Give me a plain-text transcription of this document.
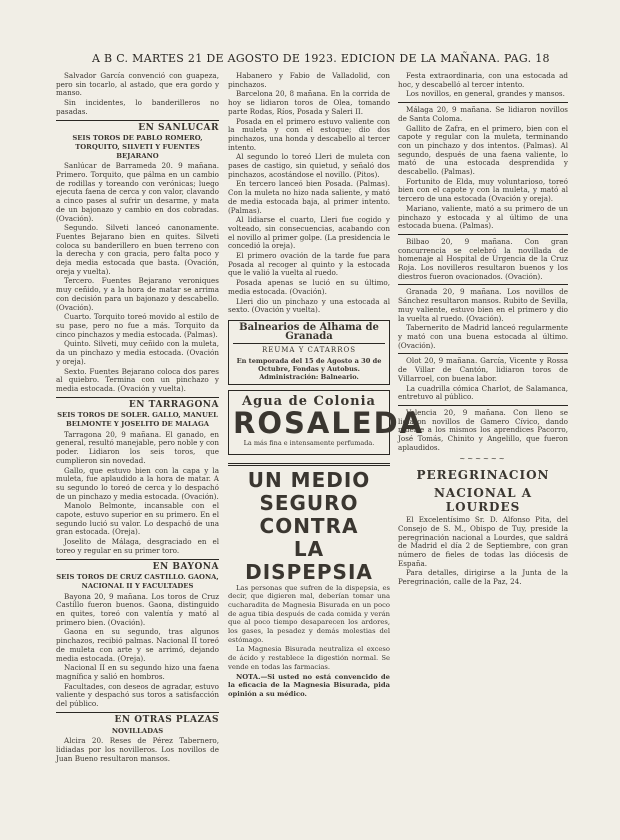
A B C. MARTES 21 DE AGOSTO DE 1923. EDICION DE LA MAÑANA. PAG. 18

Salvador García convenció con guapeza, pero sin tocarlo, al astado, que era gordo y manso.

Sin incidentes, lo banderilleros no pasadas.

EN SANLUCAR
SEIS TOROS DE PABLO ROMERO, TORQUITO, SILVETI Y FUENTES BEJARANO

Sanlúcar de Barrameda 20. 9 mañana. Primero. Torquito, que pálma en un cambio de rodillas y toreando con verónicas; luego ejecuta faena de cerca y con valor, clavando a cinco pases al sufrir un desarme, y mata de un bajonazo y cambio en dos cobradas. (Ovación).

Segundo. Silveti lanceó canonamente. Fuentes Bejarano bien en quites. Silveti coloca su banderillero en buen terreno con la derecha y con gracia, pero falta poco y deja media estocada que basta. (Ovación, oreja y vuelta).

Tercero. Fuentes Bejarano veroniques muy ceñido, y a la hora de matar se arrima con decisión para un bajonazo y descabello. (Ovación).

Cuarto. Torquito toreó movido al estilo de su pase, pero no fue a más. Torquito da cinco pinchazos y media estocada. (Palmas).

Quinto. Silveti, muy ceñido con la muleta, da un pinchazo y media estocada. (Ovación y oreja).

Sexto. Fuentes Bejarano coloca dos pares al quiebro. Termina con un pinchazo y media estocada. (Ovación y vuelta).

EN TARRAGONA
SEIS TOROS DE SOLER. GALLO, MANUEL BELMONTE Y JOSELITO DE MALAGA

Tarragona 20, 9 mañana. El ganado, en general, resultó manejable, pero noble y con poder. Lidiaron los seis toros, que cumplieron sin novedad.

Gallo, que estuvo bien con la capa y la muleta, fue aplaudido a la hora de matar. A su segundo lo toreó de cerca y lo despachó de un pinchazo y media estocada. (Ovación).

Manolo Belmonte, incansable con el capote, estuvo superior en su primero. En el segundo lució su valor. Lo despachó de una gran estocada. (Oreja).

Joselito de Málaga, desgraciado en el toreo y regular en su primer toro.

EN BAYONA
SEIS TOROS DE CRUZ CASTILLO. GAONA, NACIONAL II Y FACULTADES

Bayona 20, 9 mañana. Los toros de Cruz Castillo fueron buenos. Gaona, distinguido en quites, toreó con valentía y mató al primero bien. (Ovación).

Gaona en su segundo, tras algunos pinchazos, recibió palmas. Nacional II toreó de muleta con arte y se arrimó, dejando media estocada. (Oreja).

Nacional II en su segundo hizo una faena magnífica y salió en hombros.

Facultades, con deseos de agradar, estuvo valiente y despachó sus toros a satisfacción del público.

EN OTRAS PLAZAS
NOVILLADAS

Alcira 20. Reses de Pérez Tabernero, lidiadas por los novilleros. Los novillos de Juan Bueno resultaron mansos.

Habanero y Fabio de Valladolid, con pinchazos.

Barcelona 20, 8 mañana. En la corrida de hoy se lidiaron toros de Olea, tomando parte Rodas, Ríos, Posada y Saleri II.

Posada en el primero estuvo valiente con la muleta y con el estoque; dio dos pinchazos, una honda y descabello al tercer intento.

Al segundo lo toreó Lleri de muleta con pases de castigo, sin quietud, y señaló dos pinchazos, acostándose el novillo. (Pitos).

En tercero lanceó bien Posada. (Palmas). Con la muleta no hizo nada saliente, y mató de media estocada baja, al primer intento. (Palmas).

Al lidiarse el cuarto, Lleri fue cogido y volteado, sin consecuencias, acabando con el novillo al primer golpe. (La presidencia le concedió la oreja).

El primero ovación de la tarde fue para Posada al recoger al quinto y la estocada que le valió la vuelta al ruedo.

Posada apenas se lució en su último, media estocada. (Ovación).

Lleri dio un pinchazo y una estocada al sexto. (Ovación y vuelta).

Balnearios de Alhama de Granada
REUMA Y CATARROS
En temporada del 15 de Agosto a 30 de Octubre, Fondas y Autobus. Administración: Balneario.
Agua de Colonia
ROSALEDA
La más fina e intensamente perfumada.
UN MEDIO SEGURO
CONTRA
LA DISPEPSIA

Las personas que sufren de la dispepsia, es decir, que digieren mal, deberían tomar una cucharadita de Magnesia Bisurada en un poco de agua tibia después de cada comida y verán que al poco tiempo desaparecen los ardores, los gases, la pesadez y demás molestias del estómago.

La Magnesia Bisurada neutraliza el exceso de ácido y restablece la digestión normal. Se vende en todas las farmacias.

NOTA.—Si usted no está convencido de la eficacia de la Magnesia Bisurada, pida opinión a su médico.

Festa extraordinaria, con una estocada ad hoc, y descabelló al tercer intento.

Los novillos, en general, grandes y mansos.

Málaga 20, 9 mañana. Se lidiaron novillos de Santa Coloma.

Gallito de Zafra, en el primero, bien con el capote y regular con la muleta, terminando con un pinchazo y dos intentos. (Palmas). Al segundo, después de una faena valiente, lo mató de una estocada desprendida y descabello. (Palmas).

Fortunito de Elda, muy voluntarioso, toreó bien con el capote y con la muleta, y mató al tercero de una estocada (Ovación y oreja).

Mariano, valiente, mató a su primero de un pinchazo y estocada y al último de una estocada buena. (Palmas).

Bilbao 20, 9 mañana. Con gran concurrencia se celebró la novillada de homenaje al Hospital de Urgencia de la Cruz Roja. Los novilleros resultaron buenos y los diestros fueron ovacionados. (Ovación).

Granada 20, 9 mañana. Los novillos de Sánchez resultaron mansos. Rubito de Sevilla, muy valiente, estuvo bien en el primero y dio la vuelta al ruedo. (Ovación).

Tabernerito de Madrid lanceó regularmente y mató con una buena estocada al último. (Ovación).

Olot 20, 9 mañana. García, Vicente y Rossa de Villar de Cantón, lidiaron toros de Villarroel, con buena labor.

La cuadrilla cómica Charlot, de Salamanca, entretuvo al público.

Valencia 20, 9 mañana. Con lleno se lidiaron novillos de Gamero Cívico, dando muerte a los mismos los aprendices Pacorro, José Tomás, Chinito y Angelillo, que fueron aplaudidos.

~~~~~~
PEREGRINACION
NACIONAL A LOURDES

El Excelentísimo Sr. D. Alfonso Pita, del Consejo de S. M., Obispo de Tuy, preside la peregrinación nacional a Lourdes, que saldrá de Madrid el día 2 de Septiembre, con gran número de fieles de todas las diócesis de España.

Para detalles, dirigirse a la Junta de la Peregrinación, calle de la Paz, 24.
